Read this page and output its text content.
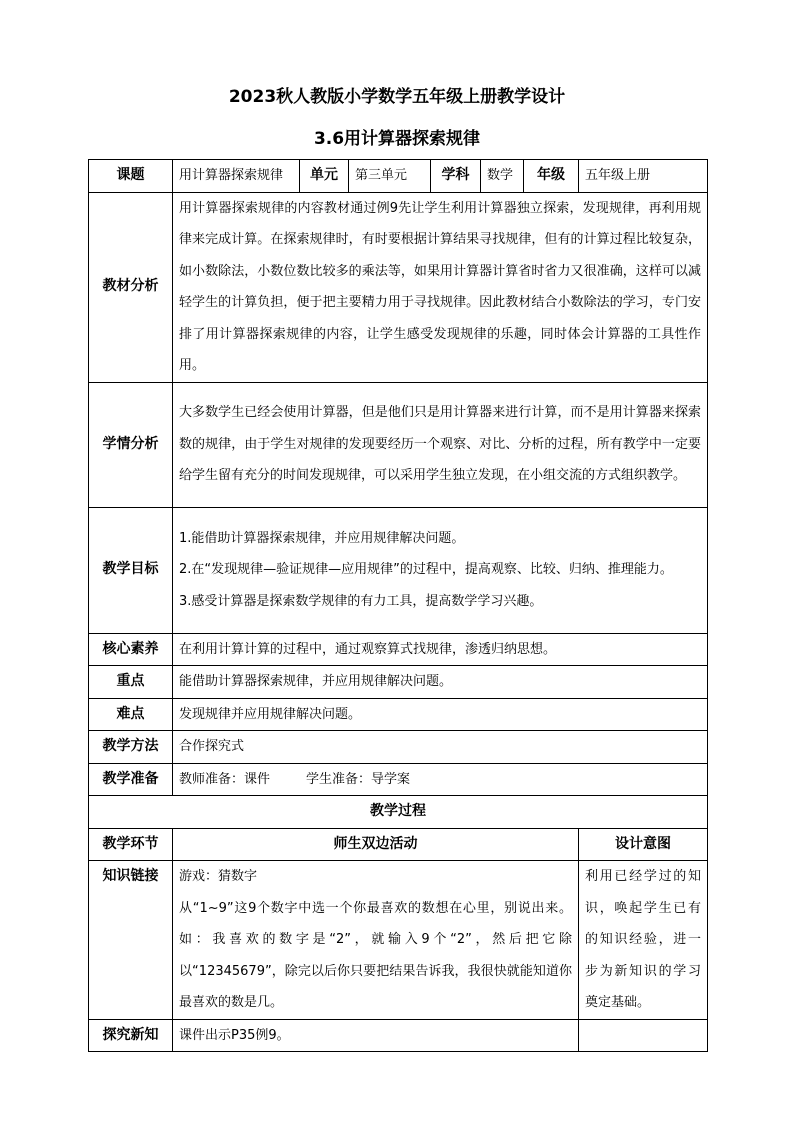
2023秋人教版小学数学五年级上册教学设计
3.6用计算器探索规律
课题	用计算器探索规律	单元	第三单元	学科	数学	年级	五年级上册
教材分析	用计算器探索规律的内容教材通过例9先让学生利用计算器独立探索，发现规律，再利用规律来完成计算。在探索规律时，有时要根据计算结果寻找规律，但有的计算过程比较复杂，如小数除法，小数位数比较多的乘法等，如果用计算器计算省时省力又很准确，这样可以减轻学生的计算负担，便于把主要精力用于寻找规律。因此教材结合小数除法的学习，专门安排了用计算器探索规律的内容，让学生感受发现规律的乐趣，同时体会计算器的工具性作用。						
学情分析	大多数学生已经会使用计算器，但是他们只是用计算器来进行计算，而不是用计算器来探索数的规律，由于学生对规律的发现要经历一个观察、对比、分析的过程，所有教学中一定要给学生留有充分的时间发现规律，可以采用学生独立发现，在小组交流的方式组织教学。						
教学目标	1.能借助计算器探索规律，并应用规律解决问题。
2.在“发现规律—验证规律—应用规律”的过程中，提高观察、比较、归纳、推理能力。
3.感受计算器是探索数学规律的有力工具，提高数学学习兴趣。						

核心素养	在利用计算计算的过程中，通过观察算式找规律，渗透归纳思想。						
重点	能借助计算器探索规律，并应用规律解决问题。						
难点	发现规律并应用规律解决问题。						
教学方法	合作探究式						
教学准备	教师准备：课件 学生准备：导学案						
教学过程							
教学环节	师生双边活动						设计意图
知识链接	游戏：猜数字
从“1~9”这9个数字中选一个你最喜欢的数想在心里，别说出来。如：我喜欢的数字是“2”，就输入9个“2”，然后把它除以“12345679”，除完以后你只要把结果告诉我，我很快就能知道你最喜欢的数是几。						利用已经学过的知识，唤起学生已有的知识经验，进一步为新知识的学习奠定基础。
探究新知	课件出示P35例9。						
